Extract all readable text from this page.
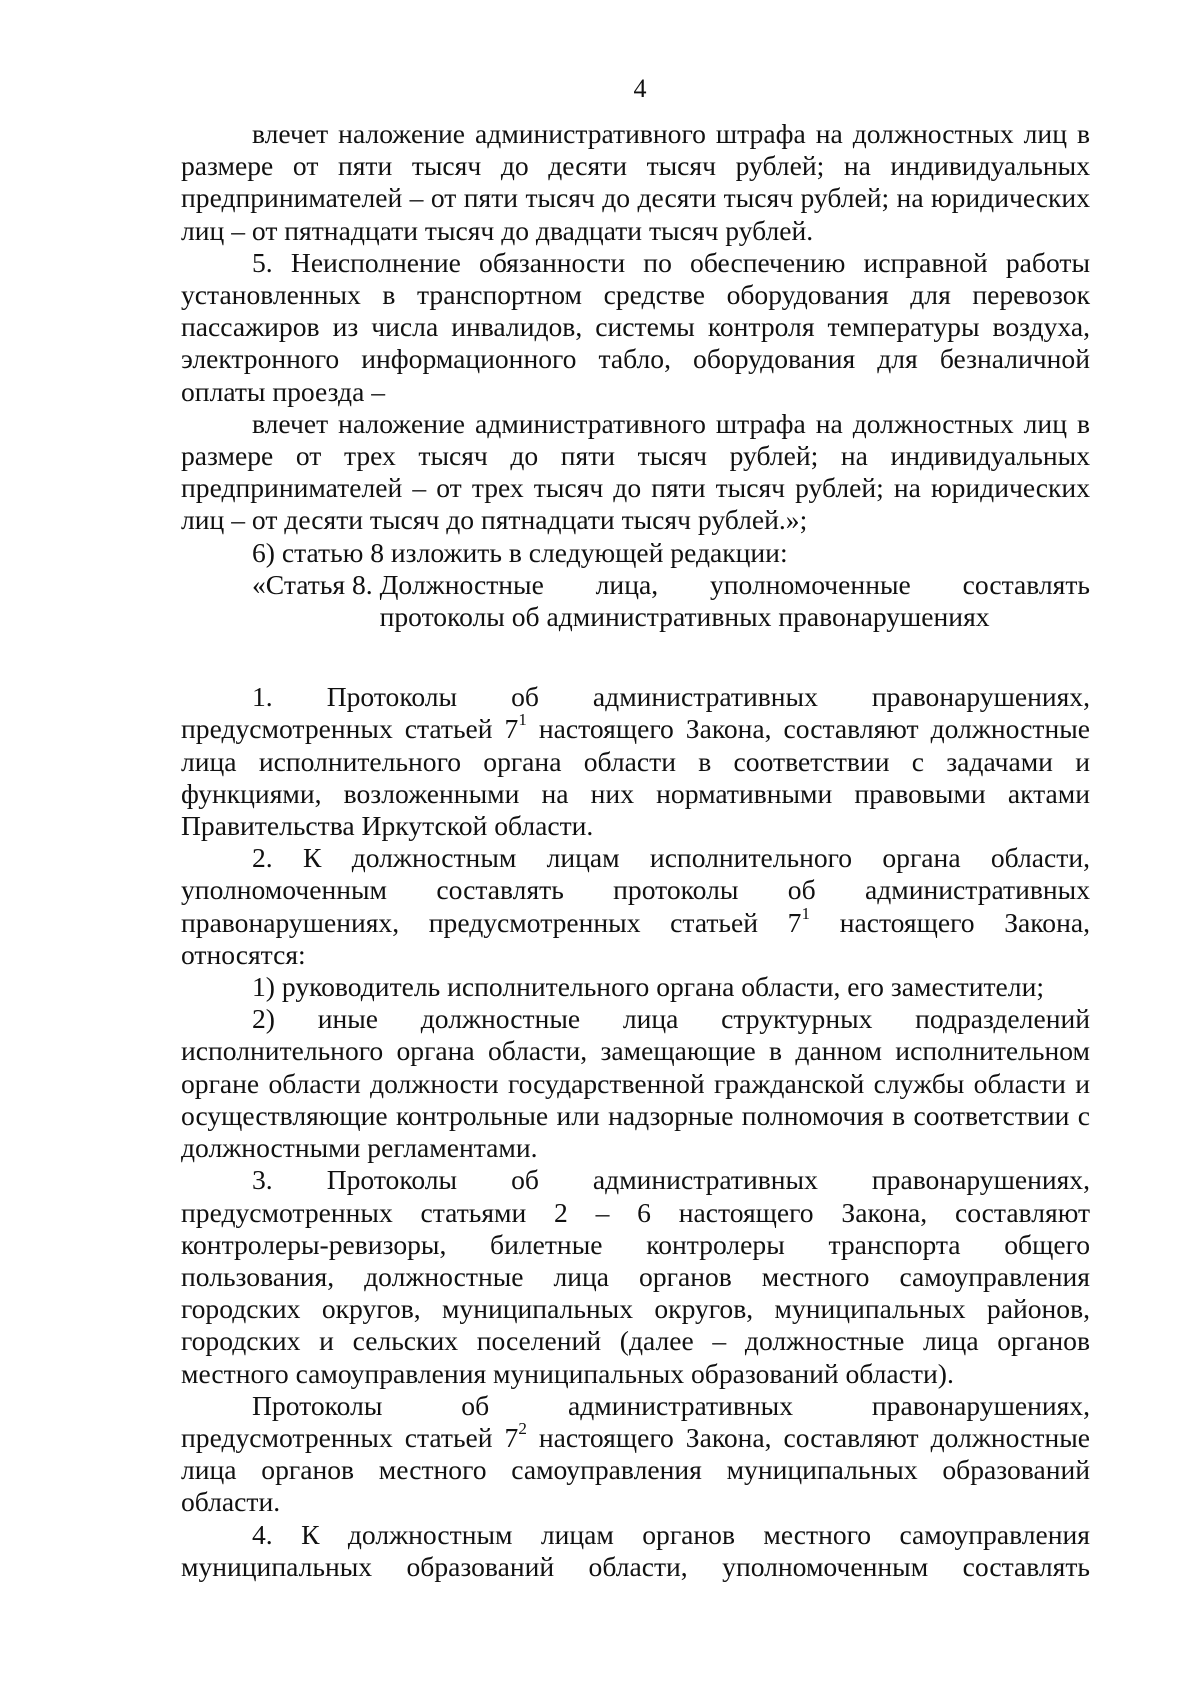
4

влечет наложение административного штрафа на должностных лиц в

размере от пяти тысяч до десяти тысяч рублей; на индивидуальных предпринимателей – от пяти тысяч до десяти тысяч рублей; на юридических лиц – от пятнадцати тысяч до двадцати тысяч рублей.

5. Неисполнение обязанности по обеспечению исправной работы установленных в транспортном средстве оборудования для перевозок пассажиров из числа инвалидов, системы контроля температуры воздуха, электронного информационного табло, оборудования для безналичной оплаты проезда –

влечет наложение административного штрафа на должностных лиц в размере от трех тысяч до пяти тысяч рублей; на индивидуальных предпринимателей – от трех тысяч до пяти тысяч рублей; на юридических лиц – от десяти тысяч до пятнадцати тысяч рублей.»;

6) статью 8 изложить в следующей редакции:

«Статья 8. Должностные лица, уполномоченные составлять
протоколы об административных правонарушениях

1. Протоколы об административных правонарушениях, предусмотренных статьей $7^1$ настоящего Закона, составляют должностные лица исполнительного органа области в соответствии с задачами и функциями, возложенными на них нормативными правовыми актами Правительства Иркутской области.

2. К должностным лицам исполнительного органа области, уполномоченным составлять протоколы об административных правонарушениях, предусмотренных статьей $7^1$ настоящего Закона, относятся:

1) руководитель исполнительного органа области, его заместители;

2) иные должностные лица структурных подразделений исполнительного органа области, замещающие в данном исполнительном органе области должности государственной гражданской службы области и осуществляющие контрольные или надзорные полномочия в соответствии с должностными регламентами.

3. Протоколы об административных правонарушениях, предусмотренных статьями 2 – 6 настоящего Закона, составляют контролеры-ревизоры, билетные контролеры транспорта общего пользования, должностные лица органов местного самоуправления городских округов, муниципальных округов, муниципальных районов, городских и сельских поселений (далее – должностные лица органов местного самоуправления муниципальных образований области).

Протоколы об административных правонарушениях, предусмотренных статьей $7^2$ настоящего Закона, составляют должностные лица органов местного самоуправления муниципальных образований области.

4. К должностным лицам органов местного самоуправления муниципальных образований области, уполномоченным составлять
